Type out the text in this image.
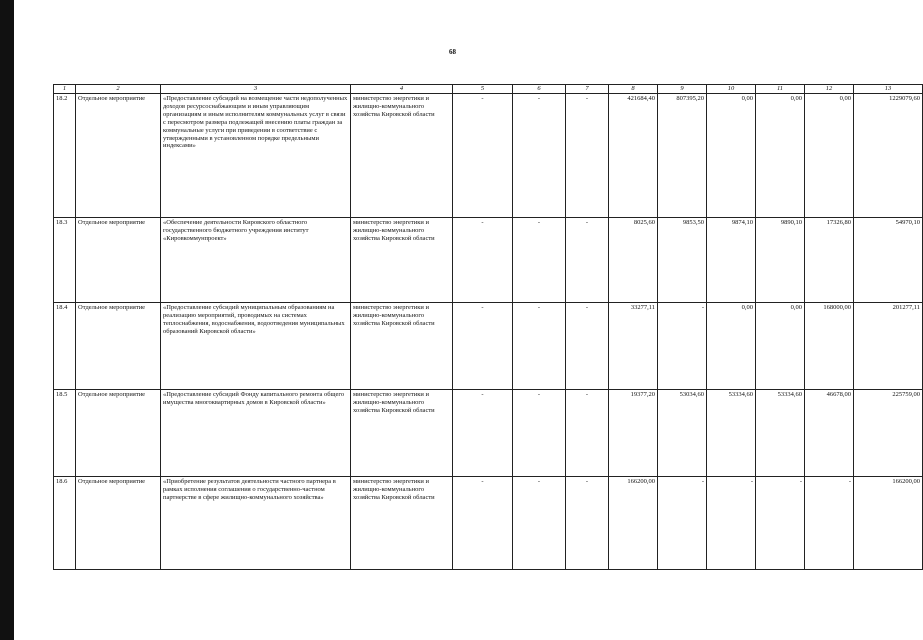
68
1	2	3	4	5	6	7	8	9	10	11	12	13
18.2	Отдельное мероприятие	«Предоставление субсидий на возмещение части недополученных доходов ресурсоснабжающим и иным управляющим организациям и иным исполнителям коммунальных услуг в связи с пересмотром размера подлежащей внесению платы граждан за коммунальные услуги при приведении в соответствие с утвержденными в установленном порядке предельными индексами»	министерство энергетики и жилищно-коммунального хозяйства Кировской области	-	-	-	421684,40	807395,20	0,00	0,00	0,00	1229079,60
18.3	Отдельное мероприятие	«Обеспечение деятельности Кировского областного государственного бюджетного учреждения институт «Кировкоммунпроект»	министерство энергетики и жилищно-коммунального хозяйства Кировской области	-	-	-	8025,60	9853,50	9874,10	9890,10	17326,80	54970,10
18.4	Отдельное мероприятие	«Предоставление субсидий муниципальным образованиям на реализацию мероприятий, проводимых на системах теплоснабжения, водоснабжения, водоотведения муниципальных образований Кировской области»	министерство энергетики и жилищно-коммунального хозяйства Кировской области	-	-	-	33277,11	-	0,00	0,00	168000,00	201277,11
18.5	Отдельное мероприятие	«Предоставление субсидий Фонду капитального ремонта общего имущества многоквартирных домов в Кировской области»	министерство энергетики и жилищно-коммунального хозяйства Кировской области	-	-	-	19377,20	53034,60	53334,60	53334,60	46678,00	225759,00
18.6	Отдельное мероприятие	«Приобретение результатов деятельности частного партнера в рамках исполнения соглашения о государственно-частном партнерстве в сфере жилищно-коммунального хозяйства»	министерство энергетики и жилищно-коммунального хозяйства Кировской области	-	-	-	166200,00	-	-	-	-	166200,00
